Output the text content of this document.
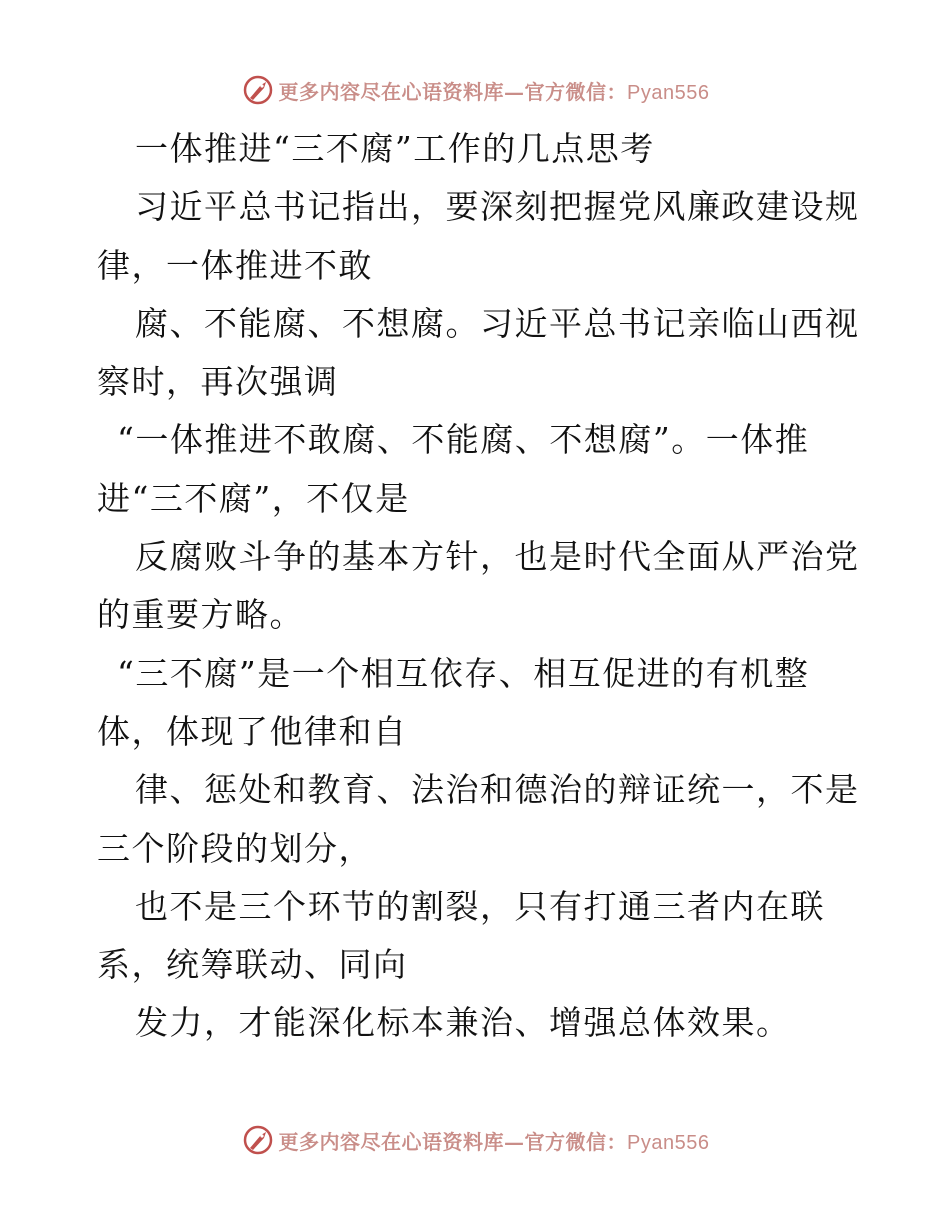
更多内容尽在心语资料库—官方微信：Pyan556
一体推进“三不腐”工作的几点思考
习近平总书记指出，要深刻把握党风廉政建设规
律，一体推进不敢
腐、不能腐、不想腐。习近平总书记亲临山西视
察时，再次强调
“一体推进不敢腐、不能腐、不想腐”。一体推
进“三不腐”，不仅是
反腐败斗争的基本方针，也是时代全面从严治党
的重要方略。
“三不腐”是一个相互依存、相互促进的有机整
体，体现了他律和自
律、惩处和教育、法治和德治的辩证统一，不是
三个阶段的划分，
也不是三个环节的割裂，只有打通三者内在联
系，统筹联动、同向
发力，才能深化标本兼治、增强总体效果。
更多内容尽在心语资料库—官方微信：Pyan556
